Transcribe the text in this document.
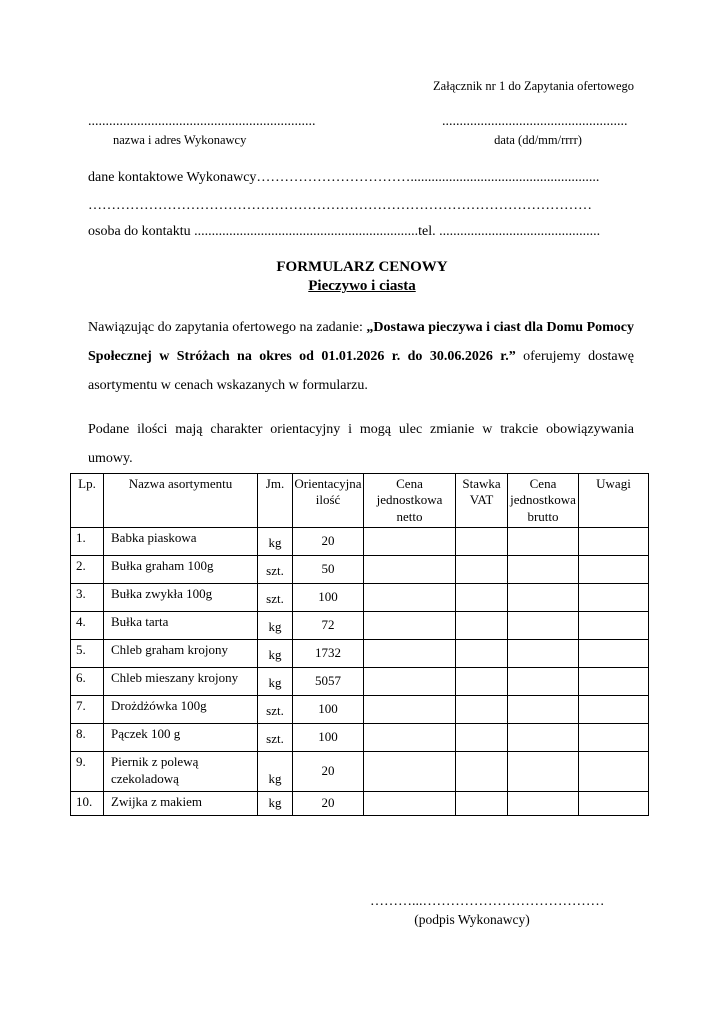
Załącznik nr 1 do Zapytania ofertowego
.................................................................
nazwa i adres Wykonawcy
.....................................................
data (dd/mm/rrrr)
dane kontaktowe Wykonawcy……………………………......................................................
………………………………………………………………………………………………
osoba do kontaktu ................................................................tel. ..............................................
FORMULARZ CENOWY
Pieczywo i ciasta

Nawiązując do zapytania ofertowego na zadanie: „Dostawa pieczywa i ciast dla Domu Pomocy Społecznej w Stróżach na okres od 01.01.2026 r. do 30.06.2026 r.” oferujemy dostawę asortymentu w cenach wskazanych w formularzu.

Podane ilości mają charakter orientacyjny i mogą ulec zmianie w trakcie obowiązywania umowy.

Lp.	Nazwa asortymentu	Jm.	Orientacyjna ilość	Cena jednostkowa netto	Stawka VAT	Cena jednostkowa brutto	Uwagi
1.	Babka piaskowa	kg	20				
2.	Bułka graham 100g	szt.	50				
3.	Bułka zwykła 100g	szt.	100				
4.	Bułka tarta	kg	72				
5.	Chleb graham krojony	kg	1732				
6.	Chleb mieszany krojony	kg	5057				
7.	Drożdżówka 100g	szt.	100				
8.	Pączek 100 g	szt.	100				
9.	Piernik z polewą czekoladową	kg	20				
10.	Zwijka z makiem	kg	20				
………...…………………………………
(podpis Wykonawcy)
